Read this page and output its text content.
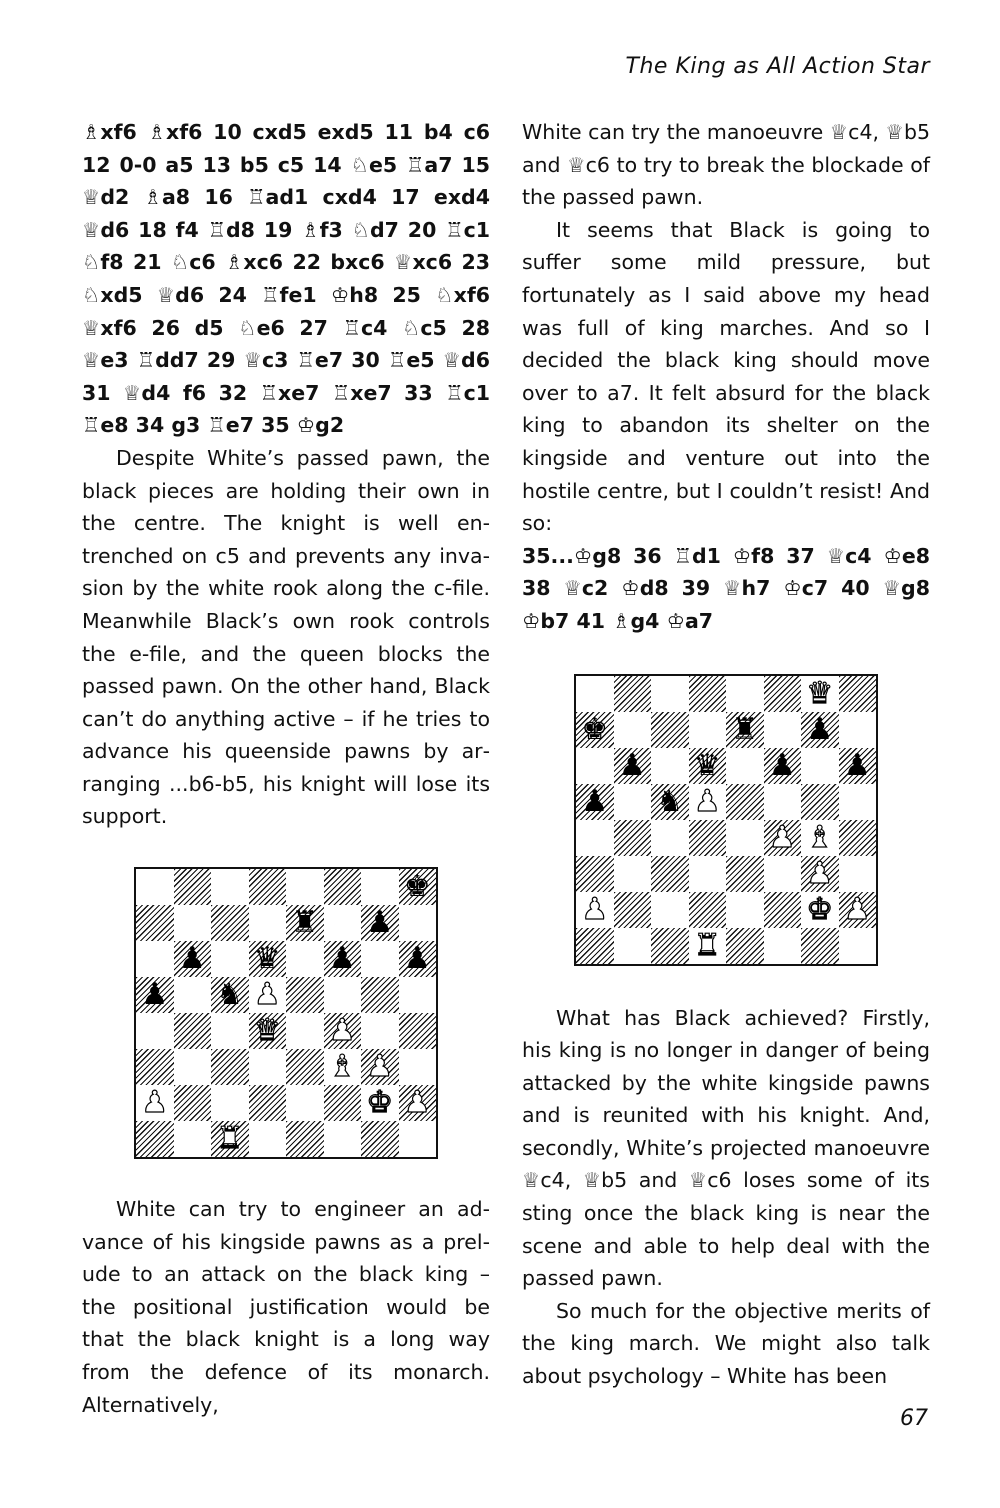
The King as All Action Star

♗xf6 ♗xf6 10 cxd5 exd5 11 b4 c6 12 0-0 a5 13 b5 c5 14 ♘e5 ♖a7 15 ♕d2 ♗a8 16 ♖ad1 cxd4 17 exd4 ♕d6 18 f4 ♖d8 19 ♗f3 ♘d7 20 ♖c1 ♘f8 21 ♘c6 ♗xc6 22 bxc6 ♕xc6 23 ♘xd5 ♕d6 24 ♖fe1 ♔h8 25 ♘xf6 ♕xf6 26 d5 ♘e6 27 ♖c4 ♘c5 28 ♕e3 ♖dd7 29 ♕c3 ♖e7 30 ♖e5 ♕d6 31 ♕d4 f6 32 ♖xe7 ♖xe7 33 ♖c1 ♖e8 34 g3 ♖e7 35 ♔g2

Despite White’s passed pawn, the black pieces are holding their own in the centre. The knight is well entrenched on c5 and prevents any invasion by the white rook along the c-file. Meanwhile Black’s own rook controls the e-file, and the queen blocks the passed pawn. On the other hand, Black can’t do anything active – if he tries to advance his queenside pawns by arranging ...b6-b5, his knight will lose its support.

♚
♜ ♟
♟ ♛ ♟ ♟
♟ ♞ ♟
♛ ♟
♝ ♟
♟	♚ ♟
♜

White can try to engineer an advance of his kingside pawns as a prelude to an attack on the black king – the positional justification would be that the black knight is a long way from the defence of its monarch. Alternatively,

White can try the manoeuvre ♕c4, ♕b5 and ♕c6 to try to break the blockade of the passed pawn.

It seems that Black is going to suffer some mild pressure, but fortunately as I said above my head was full of king marches. And so I decided the black king should move over to a7. It felt absurd for the black king to abandon its shelter on the kingside and venture out into the hostile centre, but I couldn’t resist! And so:

35...♔g8 36 ♖d1 ♔f8 37 ♕c4 ♔e8 38 ♕c2 ♔d8 39 ♕h7 ♔c7 40 ♕g8 ♔b7 41 ♗g4 ♔a7

♛
♚	♜ ♟
♟ ♛ ♟ ♟
♟ ♞ ♟
♟ ♝
♟
♟	♚ ♟
♜

What has Black achieved? Firstly, his king is no longer in danger of being attacked by the white kingside pawns and is reunited with his knight. And, secondly, White’s projected manoeuvre ♕c4, ♕b5 and ♕c6 loses some of its sting once the black king is near the scene and able to help deal with the passed pawn.

So much for the objective merits of the king march. We might also talk about psychology – White has been

67
